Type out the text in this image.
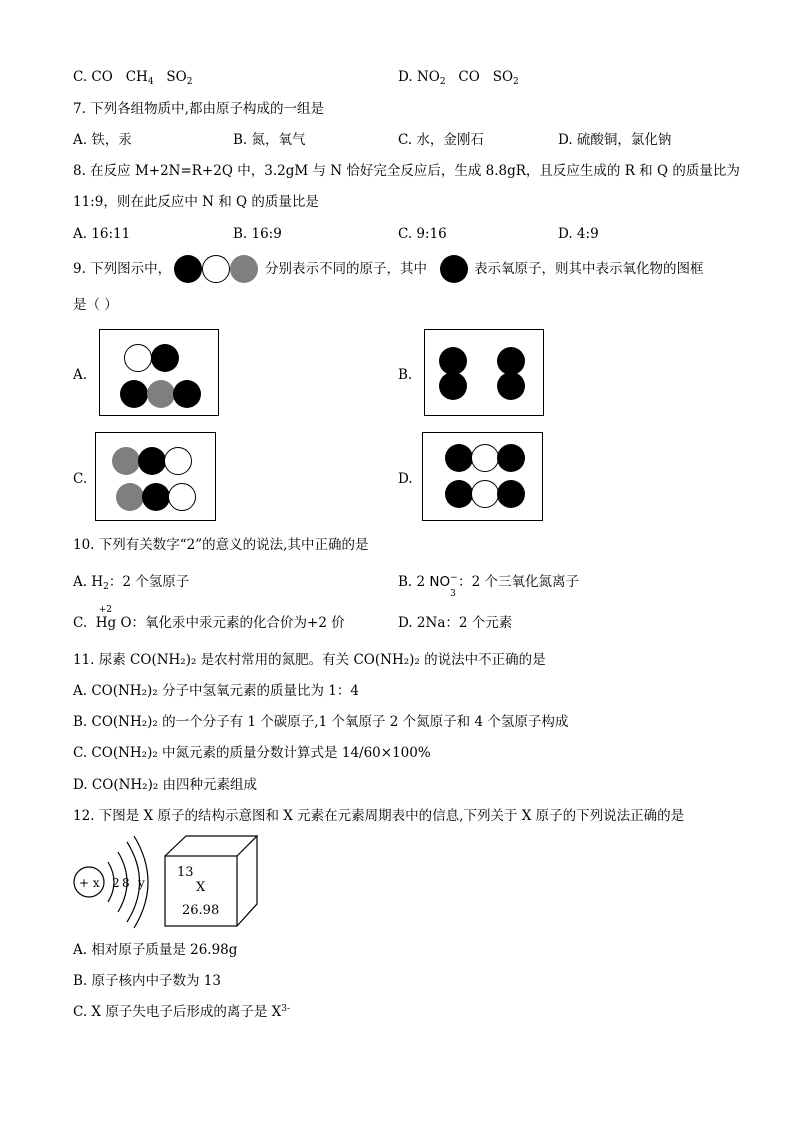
C. CO $CH_4$ $SO_2$	D. $NO_2$ CO $SO_2$
7. 下列各组物质中,都由原子构成的一组是
A. 铁，汞	B. 氮，氧气	C. 水，金刚石	D. 硫酸铜，氯化钠
8. 在反应 M+2N=R+2Q 中，3.2gM 与 N 恰好完全反应后，生成 8.8gR，且反应生成的 R 和 Q 的质量比为
11:9，则在此反应中 N 和 Q 的质量比是
A. 16:11	B. 16:9	C. 9:16	D. 4:9
9. 下列图示中，	分别表示不同的原子，其中	表示氧原子，则其中表示氧化物的图框
是（ ）
A.	B.
C.	D.
10. 下列有关数字“2”的意义的说法,其中正确的是
A. $H_2$：2 个氢原子	B. 2 NO −
3
：2 个三氧化氮离子
C.
+2
Hg O：氧化汞中汞元素的化合价为+2 价	D. 2Na：2 个元素
11. 尿素 CO(NH₂)₂ 是农村常用的氮肥。有关 CO(NH₂)₂ 的说法中不正确的是
A. CO(NH₂)₂ 分子中氢氧元素的质量比为 1：4
B. CO(NH₂)₂ 的一个分子有 1 个碳原子,1 个氧原子 2 个氮原子和 4 个氢原子构成
C. CO(NH₂)₂ 中氮元素的质量分数计算式是 14/60×100%
D. CO(NH₂)₂ 由四种元素组成
12. 下图是 X 原子的结构示意图和 X 元素在元素周期表中的信息,下列关于 X 原子的下列说法正确的是
+ x 2 8 y
13
X
26.98
A. 相对原子质量是 26.98g
B. 原子核内中子数为 13
C. X 原子失电子后形成的离子是 $X^{3-}$
